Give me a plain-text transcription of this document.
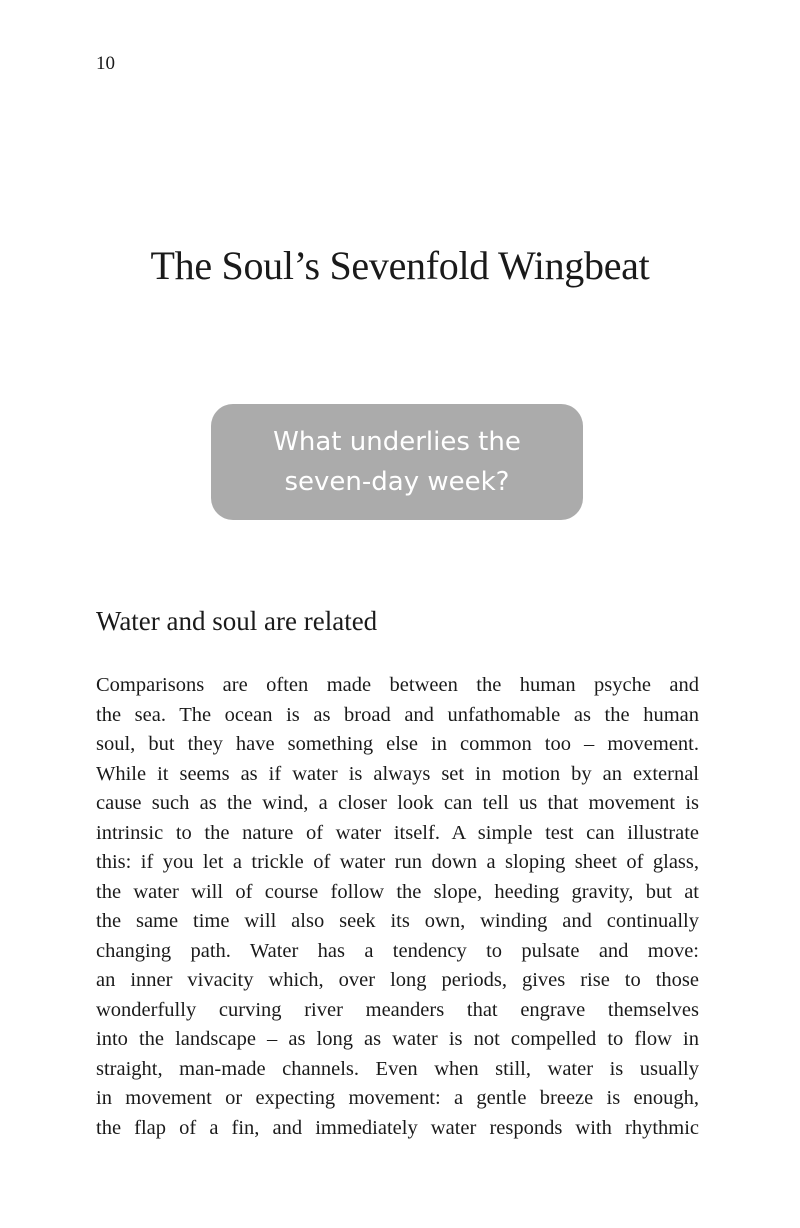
10
The Soul’s Sevenfold Wingbeat
What underlies the
seven-day week?
Water and soul are related
Comparisons are often made between the human psyche and
the sea. The ocean is as broad and unfathomable as the human
soul, but they have something else in common too – movement.
While it seems as if water is always set in motion by an external
cause such as the wind, a closer look can tell us that movement is
intrinsic to the nature of water itself. A simple test can illustrate
this: if you let a trickle of water run down a sloping sheet of glass,
the water will of course follow the slope, heeding gravity, but at
the same time will also seek its own, winding and continually
changing path. Water has a tendency to pulsate and move:
an inner vivacity which, over long periods, gives rise to those
wonderfully curving river meanders that engrave themselves
into the landscape – as long as water is not compelled to flow in
straight, man-made channels. Even when still, water is usually
in movement or expecting movement: a gentle breeze is enough,
the flap of a fin, and immediately water responds with rhythmic
